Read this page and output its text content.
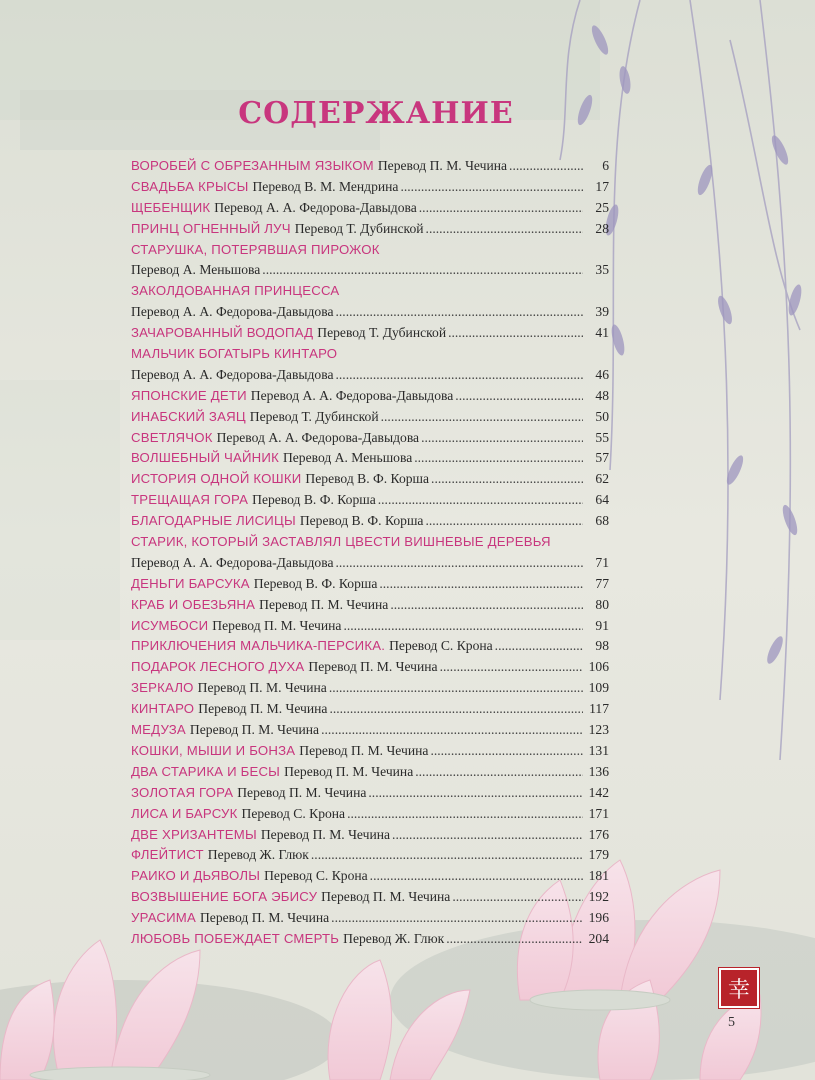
СОДЕРЖАНИЕ
ВОРОБЕЙ С ОБРЕЗАННЫМ ЯЗЫКОМ Перевод П. М. Чечина .....	6
СВАДЬБА КРЫСЫ Перевод В. М. Мендрина .....	17
ЩЕБЕНЩИК Перевод А. А. Федорова-Давыдова .....	25
ПРИНЦ ОГНЕННЫЙ ЛУЧ Перевод Т. Дубинской .....	28
СТАРУШКА, ПОТЕРЯВШАЯ ПИРОЖОК
Перевод А. Меньшова .....	35
ЗАКОЛДОВАННАЯ ПРИНЦЕССА
Перевод А. А. Федорова-Давыдова .....	39
ЗАЧАРОВАННЫЙ ВОДОПАД Перевод Т. Дубинской .....	41
МАЛЬЧИК БОГАТЫРЬ КИНТАРО
Перевод А. А. Федорова-Давыдова .....	46
ЯПОНСКИЕ ДЕТИ Перевод А. А. Федорова-Давыдова .....	48
ИНАБСКИЙ ЗАЯЦ Перевод Т. Дубинской .....	50
СВЕТЛЯЧОК Перевод А. А. Федорова-Давыдова .....	55
ВОЛШЕБНЫЙ ЧАЙНИК Перевод А. Меньшова .....	57
ИСТОРИЯ ОДНОЙ КОШКИ Перевод В. Ф. Корша .....	62
ТРЕЩАЩАЯ ГОРА Перевод В. Ф. Корша .....	64
БЛАГОДАРНЫЕ ЛИСИЦЫ Перевод В. Ф. Корша .....	68
СТАРИК, КОТОРЫЙ ЗАСТАВЛЯЛ ЦВЕСТИ ВИШНЕВЫЕ ДЕРЕВЬЯ
Перевод А. А. Федорова-Давыдова .....	71
ДЕНЬГИ БАРСУКА Перевод В. Ф. Корша .....	77
КРАБ И ОБЕЗЬЯНА Перевод П. М. Чечина .....	80
ИСУМБОСИ Перевод П. М. Чечина .....	91
ПРИКЛЮЧЕНИЯ МАЛЬЧИКА-ПЕРСИКА. Перевод С. Крона .....	98
ПОДАРОК ЛЕСНОГО ДУХА Перевод П. М. Чечина .....	106
ЗЕРКАЛО Перевод П. М. Чечина .....	109
КИНТАРО Перевод П. М. Чечина .....	117
МЕДУЗА Перевод П. М. Чечина .....	123
КОШКИ, МЫШИ И БОНЗА Перевод П. М. Чечина .....	131
ДВА СТАРИКА И БЕСЫ Перевод П. М. Чечина .....	136
ЗОЛОТАЯ ГОРА Перевод П. М. Чечина .....	142
ЛИСА И БАРСУК Перевод С. Крона .....	171
ДВЕ ХРИЗАНТЕМЫ Перевод П. М. Чечина .....	176
ФЛЕЙТИСТ Перевод Ж. Глюк .....	179
РАИКО И ДЬЯВОЛЫ Перевод С. Крона .....	181
ВОЗВЫШЕНИЕ БОГА ЭБИСУ Перевод П. М. Чечина .....	192
УРАСИМА Перевод П. М. Чечина .....	196
ЛЮБОВЬ ПОБЕЖДАЕТ СМЕРТЬ Перевод Ж. Глюк .....	204
幸
5
